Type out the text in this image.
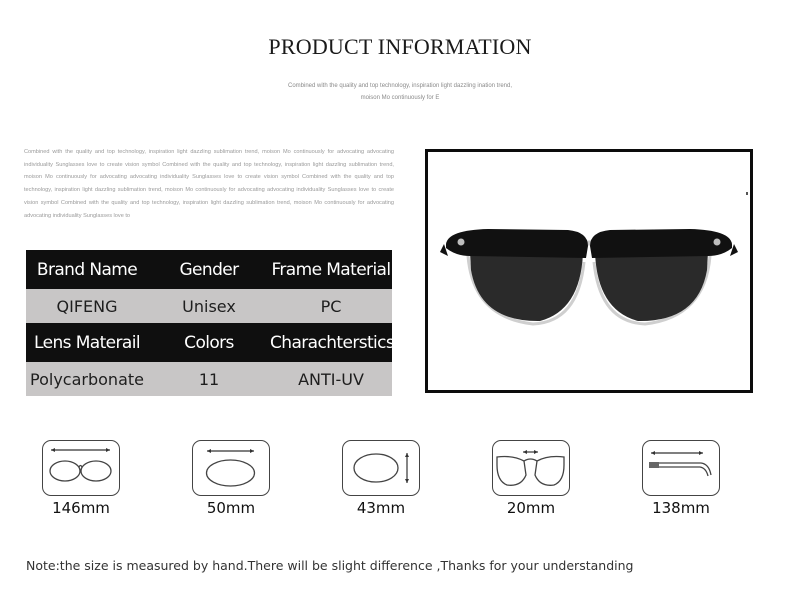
PRODUCT INFORMATION
Combined with the quality and top technology, inspiration light dazzling ination trend, moison Mo continuously for E
Combined with the quality and top technology, inspiration light dazzling sublimation trend, moison Mo continuously for advocating advocating individuality Sunglasses love to create vision symbol Combined with the quality and top technology, inspiration light dazzling sublimation trend, moison Mo continuously for advocating advocating individuality Sunglasses love to create vision symbol Combined with the quality and top technology, inspiration light dazzling sublimation trend, moison Mo continuously for advocating advocating individuality Sunglasses love to create vision symbol Combined with the quality and top technology, inspiration light dazzling sublimation trend, moison Mo continuously for advocating advocating individuality Sunglasses love to
Brand Name	Gender	Frame Material
QIFENG	Unisex	PC
Lens Materail	Colors	Charachterstics
Polycarbonate	11	ANTI-UV
146mm	50mm	43mm	20mm	138mm
Note:the size is measured by hand.There will be slight difference ,Thanks for your understanding
